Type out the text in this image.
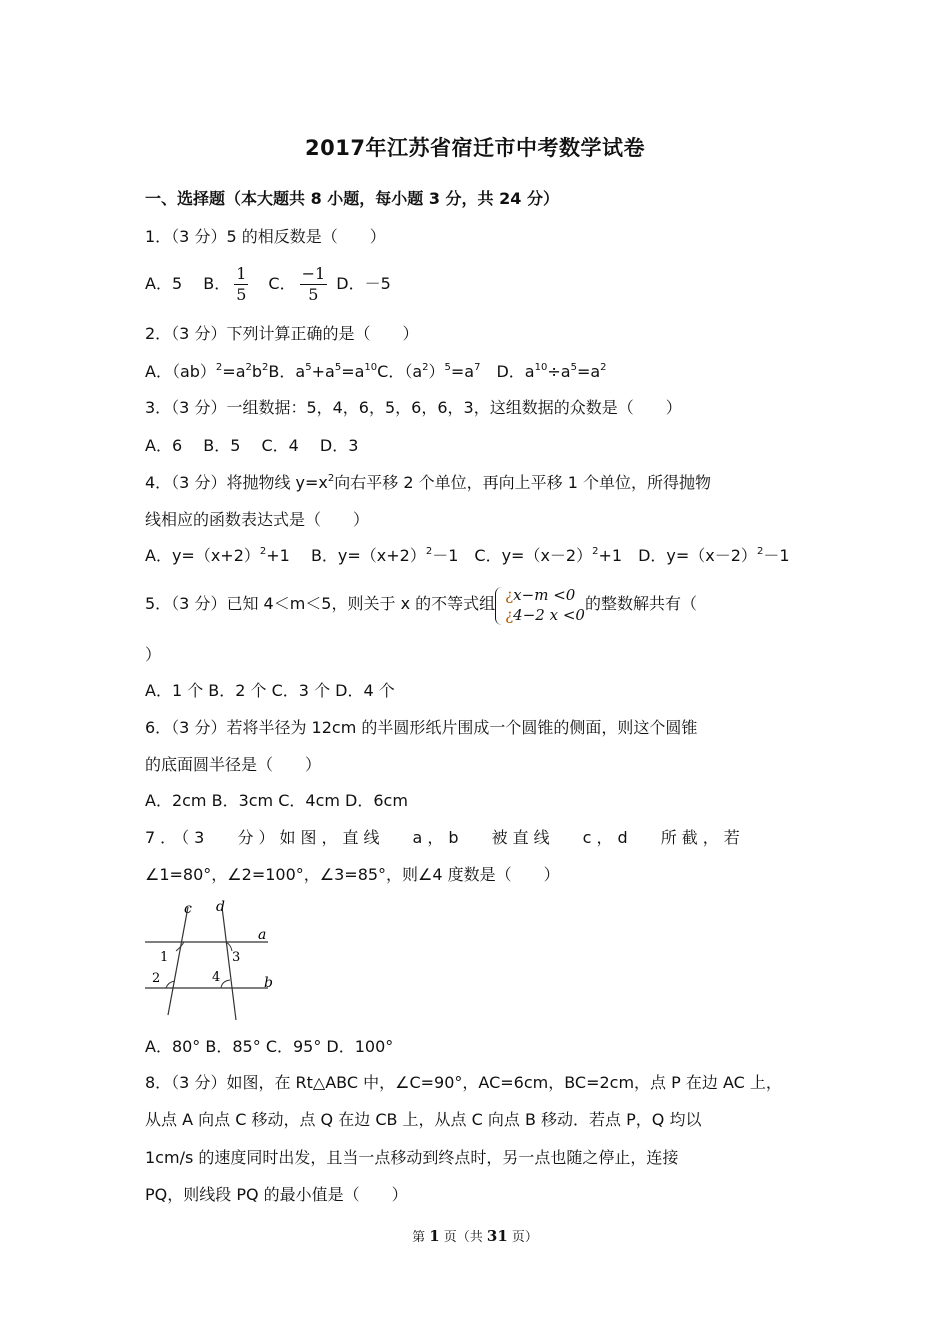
2017年江苏省宿迁市中考数学试卷
一、选择题（本大题共 8 小题，每小题 3 分，共 24 分）
1．（3 分）5 的相反数是（　　）
A．5　 B． $\frac{1}{5}$ 　C． $\frac{-1}{5}$ D．－5
2．（3 分）下列计算正确的是（　　）
A．$(ab)^2=a^2b^2B$．$a^5+a^5=a^{10}C$．$(a^2)^5=a^7$　D．$a^{10}\div a^5=a^2$
3．（3 分）一组数据：5，4，6，5，6，6，3，这组数据的众数是（　　）
A．6　 B．5　 C．4　 D．3
4．（3 分）将抛物线 $y=x^2$向右平移 2 个单位，再向上平移 1 个单位，所得抛物
线相应的函数表达式是（　　）
A．$y=(x+2)^2+1$　 B．$y=(x+2)^2-1$　C．$y=(x-2)^2+1$　D．$y=(x-2)^2-1$
5．（3 分）已知 4＜m＜5，则关于 x 的不等式组 ¿x−m <0
¿4−2 x <0
的整数解共有（
）
A．1 个 B．2 个 C．3 个 D．4 个
6．（3 分）若将半径为 12cm 的半圆形纸片围成一个圆锥的侧面，则这个圆锥
的底面圆半径是（　　）
A．2cm B．3cm C．4cm D．6cm
7．（3 分）如图，直线 a，b 被直线 c，d 所截，若
∠1=80°，∠2=100°，∠3=85°，则∠4 度数是（　　）
c d
a
b
1
2
3
4
A．80° B．85° C．95° D．100°
8．（3 分）如图，在 Rt△ABC 中，∠C=90°，AC=6cm，BC=2cm，点 P 在边 AC 上，
从点 A 向点 C 移动，点 Q 在边 CB 上，从点 C 向点 B 移动．若点 P，Q 均以
1cm/s 的速度同时出发，且当一点移动到终点时，另一点也随之停止，连接
PQ，则线段 PQ 的最小值是（　　）
第 1 页（共 31 页）
